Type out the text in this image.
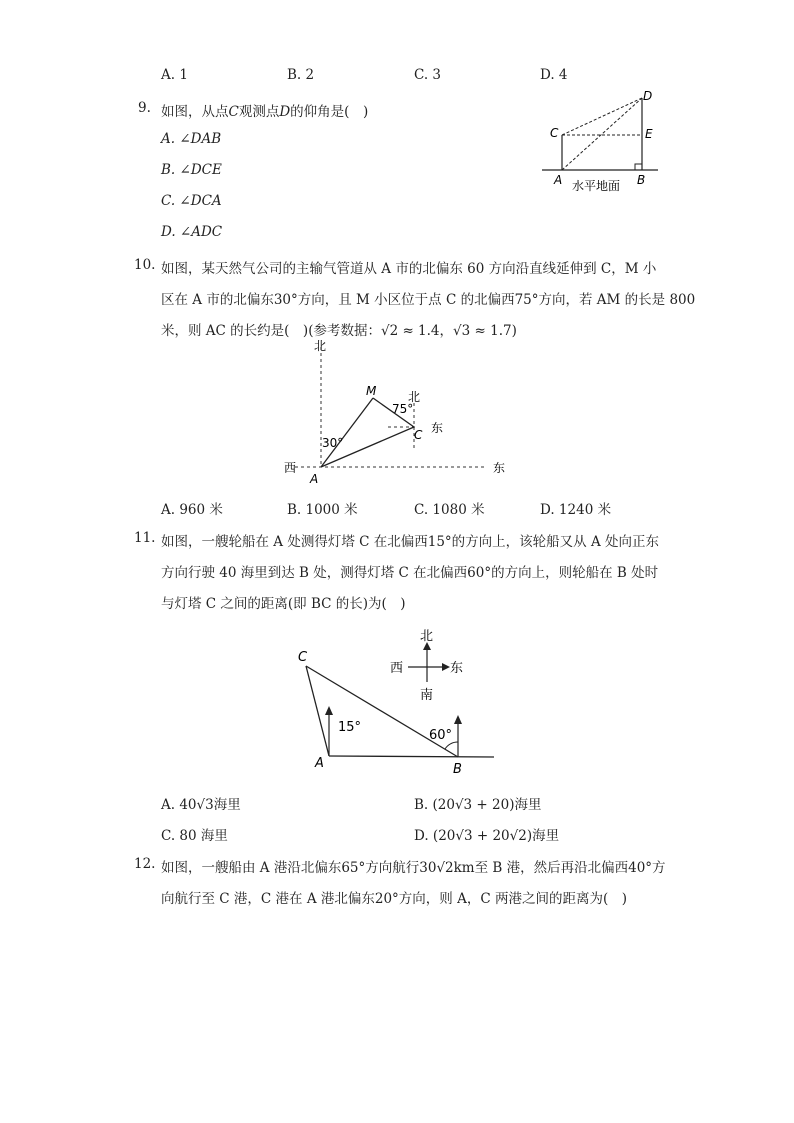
A. 1	B. 2	C. 3	D. 4
9. 如图，从点C观测点D的仰角是(　)
A. ∠DAB
B. ∠DCE
C. ∠DCA
D. ∠ADC
C
D
E
A	B
水平地面
10. 如图，某天然气公司的主输气管道从 A 市的北偏东 60 方向沿直线延伸到 C，M 小
区在 A 市的北偏东30°方向，且 M 小区位于点 C 的北偏西75°方向，若 AM 的长是 800
米，则 AC 的长约是(　)(参考数据：√2 ≈ 1.4，√3 ≈ 1.7)
北
西	东
北
东
30°
75°
A
M
C
A. 960 米	B. 1000 米	C. 1080 米	D. 1240 米
11. 如图，一艘轮船在 A 处测得灯塔 C 在北偏西15°的方向上，该轮船又从 A 处向正东
方向行驶 40 海里到达 B 处，测得灯塔 C 在北偏西60°的方向上，则轮船在 B 处时
与灯塔 C 之间的距离(即 BC 的长)为(　)
北
南
西	东
15°
60°
C
A	B
A. 40√3海里	B. (20√3 + 20)海里
C. 80 海里	D. (20√3 + 20√2)海里
12. 如图，一艘船由 A 港沿北偏东65°方向航行30√2km至 B 港，然后再沿北偏西40°方
向航行至 C 港，C 港在 A 港北偏东20°方向，则 A，C 两港之间的距离为(　)
